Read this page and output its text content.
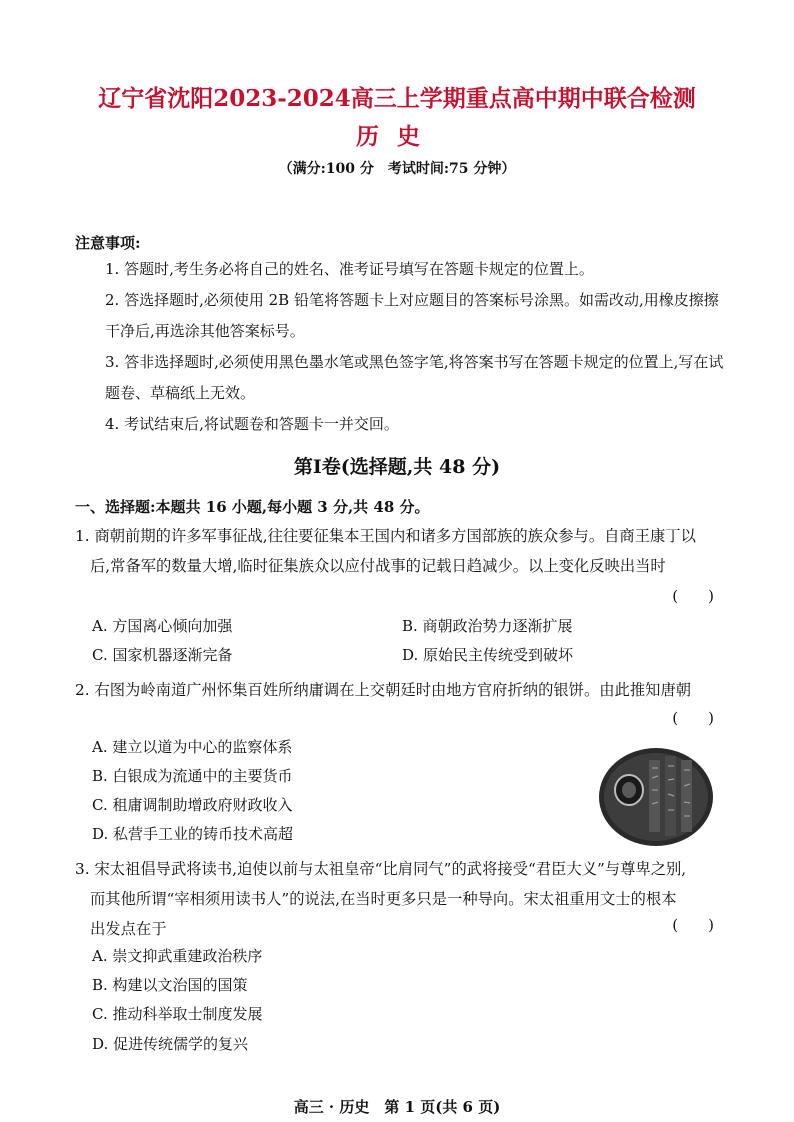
辽宁省沈阳2023-2024高三上学期重点高中期中联合检测
历史
（满分:100 分　考试时间:75 分钟）
注意事项:
1. 答题时,考生务必将自己的姓名、准考证号填写在答题卡规定的位置上。
2. 答选择题时,必须使用 2B 铅笔将答题卡上对应题目的答案标号涂黑。如需改动,用橡皮擦擦干净后,再选涂其他答案标号。
3. 答非选择题时,必须使用黑色墨水笔或黑色签字笔,将答案书写在答题卡规定的位置上,写在试题卷、草稿纸上无效。
4. 考试结束后,将试题卷和答题卡一并交回。
第Ⅰ卷(选择题,共 48 分)
一、选择题:本题共 16 小题,每小题 3 分,共 48 分。
1. 商朝前期的许多军事征战,往往要征集本王国内和诸多方国部族的族众参与。自商王康丁以
后,常备军的数量大增,临时征集族众以应付战事的记载日趋减少。以上变化反映出当时
(　　)
A. 方国离心倾向加强	B. 商朝政治势力逐渐扩展
C. 国家机器逐渐完备	D. 原始民主传统受到破坏
2. 右图为岭南道广州怀集百姓所纳庸调在上交朝廷时由地方官府折纳的银饼。由此推知唐朝
(　　)
A. 建立以道为中心的监察体系
B. 白银成为流通中的主要货币
C. 租庸调制助增政府财政收入
D. 私营手工业的铸币技术高超
3. 宋太祖倡导武将读书,迫使以前与太祖皇帝“比肩同气”的武将接受“君臣大义”与尊卑之别,
而其他所谓“宰相须用读书人”的说法,在当时更多只是一种导向。宋太祖重用文士的根本
出发点在于	(　　)
A. 崇文抑武重建政治秩序
B. 构建以文治国的国策
C. 推动科举取士制度发展
D. 促进传统儒学的复兴
高三 · 历史　第 1 页(共 6 页)
